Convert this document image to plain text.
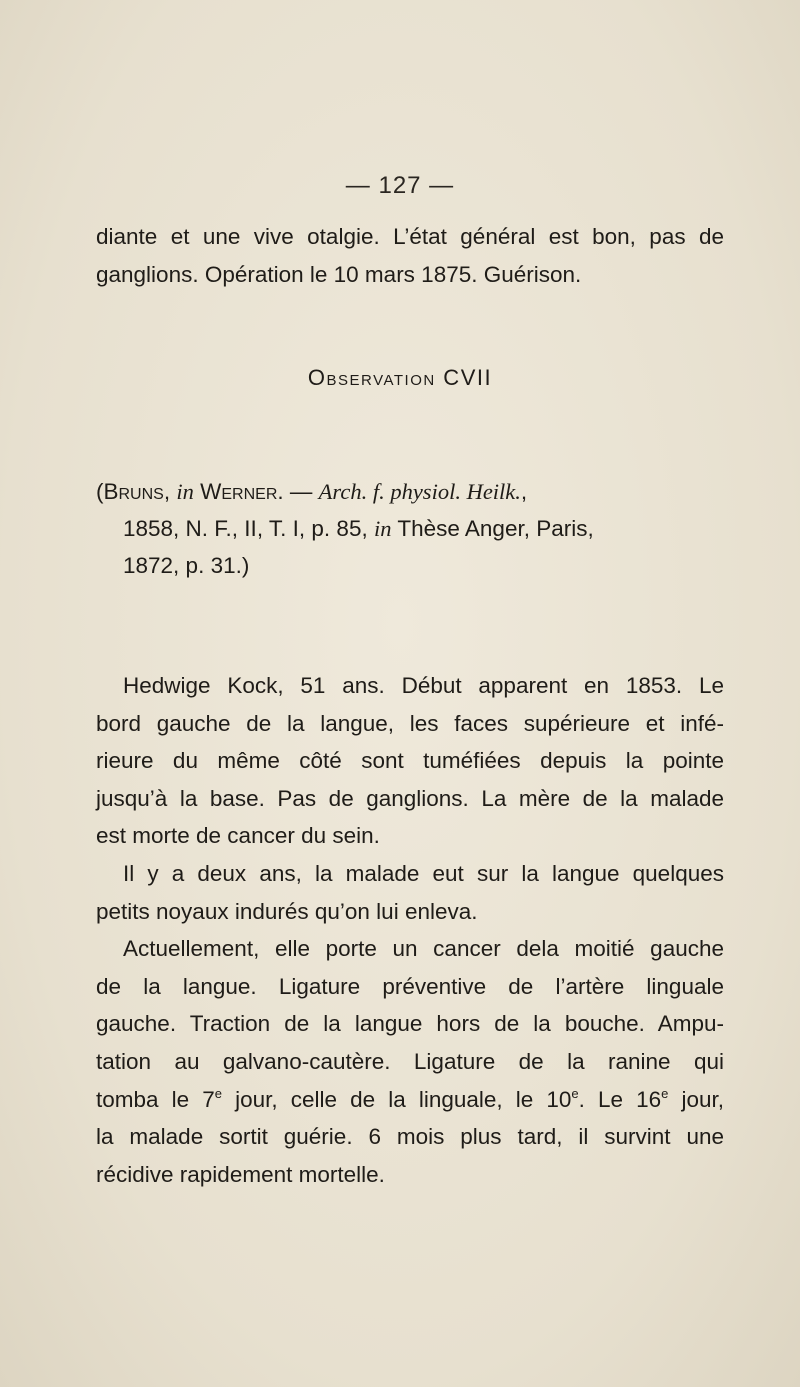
— 127 —
diante et une vive otalgie. L’état général est bon, pas de
ganglions. Opération le 10 mars 1875. Guérison.
Observation CVII
(Bruns, in Werner. — Arch. f. physiol. Heilk.,
1858, N. F., II, T. I, p. 85, in Thèse Anger, Paris,
1872, p. 31.)
Hedwige Kock, 51 ans. Début apparent en 1853. Le
bord gauche de la langue, les faces supérieure et infé-
rieure du même côté sont tuméfiées depuis la pointe
jusqu’à la base. Pas de ganglions. La mère de la malade
est morte de cancer du sein.
Il y a deux ans, la malade eut sur la langue quelques
petits noyaux indurés qu’on lui enleva.
Actuellement, elle porte un cancer dela moitié gauche
de la langue. Ligature préventive de l’artère linguale
gauche. Traction de la langue hors de la bouche. Ampu-
tation au galvano-cautère. Ligature de la ranine qui
tomba le 7e jour, celle de la linguale, le 10e. Le 16e jour,
la malade sortit guérie. 6 mois plus tard, il survint une
récidive rapidement mortelle.
